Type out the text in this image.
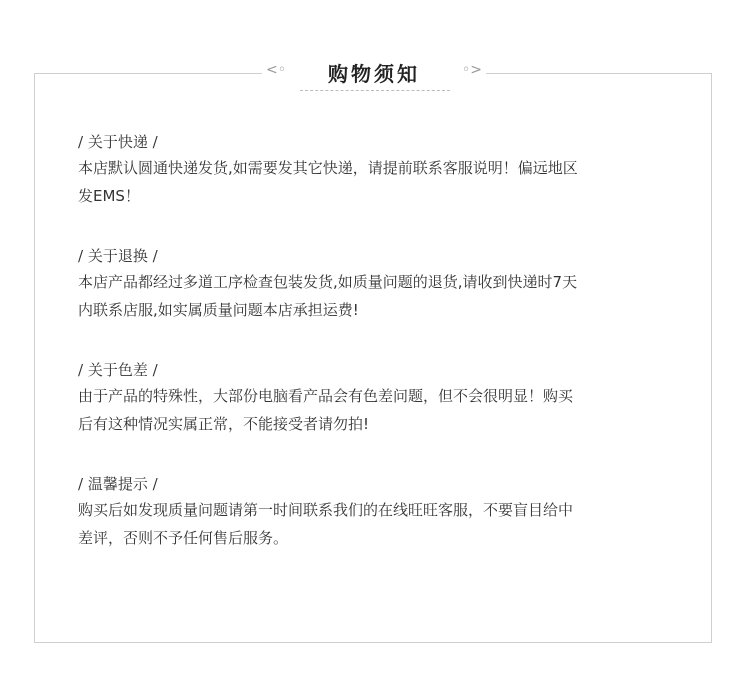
<◦	购物须知	◦>
/ 关于快递 /
本店默认圆通快递发货,如需要发其它快递，请提前联系客服说明！偏远地区
发EMS！
/ 关于退换 /
本店产品都经过多道工序检查包装发货,如质量问题的退货,请收到快递时7天
内联系店服,如实属质量问题本店承担运费!
/ 关于色差 /
由于产品的特殊性，大部份电脑看产品会有色差问题，但不会很明显！购买
后有这种情况实属正常，不能接受者请勿拍!
/ 温馨提示 /
购买后如发现质量问题请第一时间联系我们的在线旺旺客服，不要盲目给中
差评，否则不予任何售后服务。
